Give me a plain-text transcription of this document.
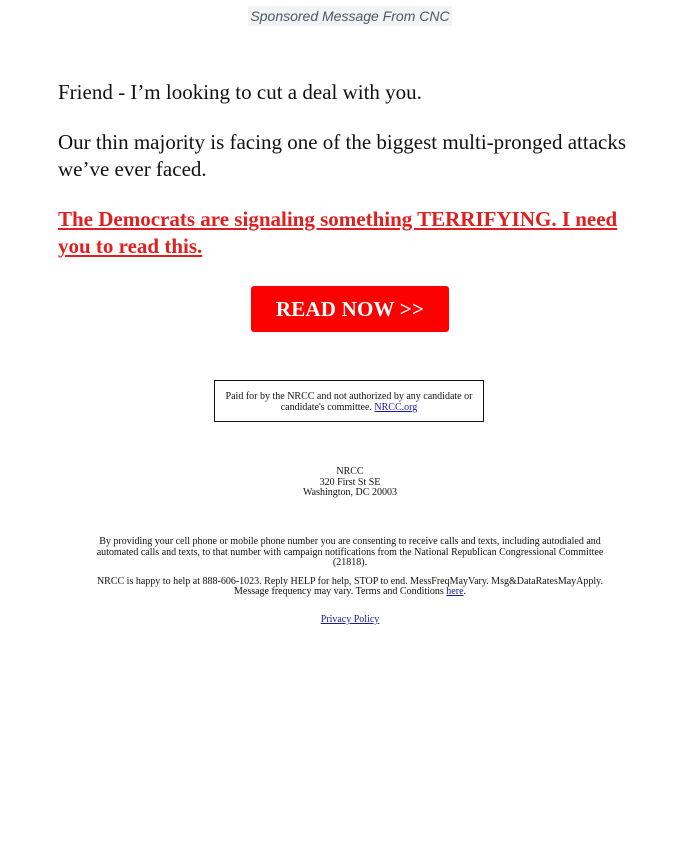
Sponsored Message From CNC

Friend - I’m looking to cut a deal with you.

Our thin majority is facing one of the biggest multi-pronged attacks we’ve ever faced.

The Democrats are signaling something TERRIFYING. I need you to read this.
READ NOW >>
Paid for by the NRCC and not authorized by any candidate or candidate's committee. NRCC.org
NRCC
320 First St SE
Washington, DC 20003

By providing your cell phone or mobile phone number you are consenting to receive calls and texts, including autodialed and automated calls and texts, to that number with campaign notifications from the National Republican Congressional Committee (21818).

NRCC is happy to help at 888-606-1023. Reply HELP for help, STOP to end. MessFreqMayVary. Msg&DataRatesMayApply. Message frequency may vary. Terms and Conditions here.

Privacy Policy
